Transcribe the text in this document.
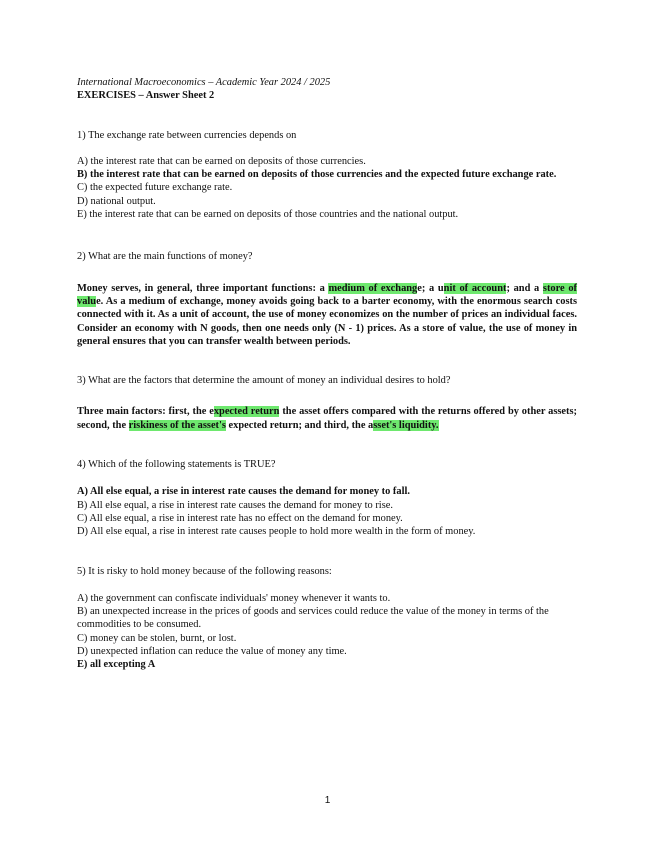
International Macroeconomics – Academic Year 2024 / 2025
EXERCISES – Answer Sheet 2
1) The exchange rate between currencies depends on
A) the interest rate that can be earned on deposits of those currencies.
B) the interest rate that can be earned on deposits of those currencies and the expected future exchange rate.
C) the expected future exchange rate.
D) national output.
E) the interest rate that can be earned on deposits of those countries and the national output.
2) What are the main functions of money?
Money serves, in general, three important functions: a medium of exchange; a unit of account; and a store of value. As a medium of exchange, money avoids going back to a barter economy, with the enormous search costs connected with it. As a unit of account, the use of money economizes on the number of prices an individual faces. Consider an economy with N goods, then one needs only (N - 1) prices. As a store of value, the use of money in general ensures that you can transfer wealth between periods.
3) What are the factors that determine the amount of money an individual desires to hold?
Three main factors: first, the expected return the asset offers compared with the returns offered by other assets; second, the riskiness of the asset's expected return; and third, the asset's liquidity.
4) Which of the following statements is TRUE?
A) All else equal, a rise in interest rate causes the demand for money to fall.
B) All else equal, a rise in interest rate causes the demand for money to rise.
C) All else equal, a rise in interest rate has no effect on the demand for money.
D) All else equal, a rise in interest rate causes people to hold more wealth in the form of money.
5) It is risky to hold money because of the following reasons:
A) the government can confiscate individuals' money whenever it wants to.
B) an unexpected increase in the prices of goods and services could reduce the value of the money in terms of the commodities to be consumed.
C) money can be stolen, burnt, or lost.
D) unexpected inflation can reduce the value of money any time.
E) all excepting A
1
